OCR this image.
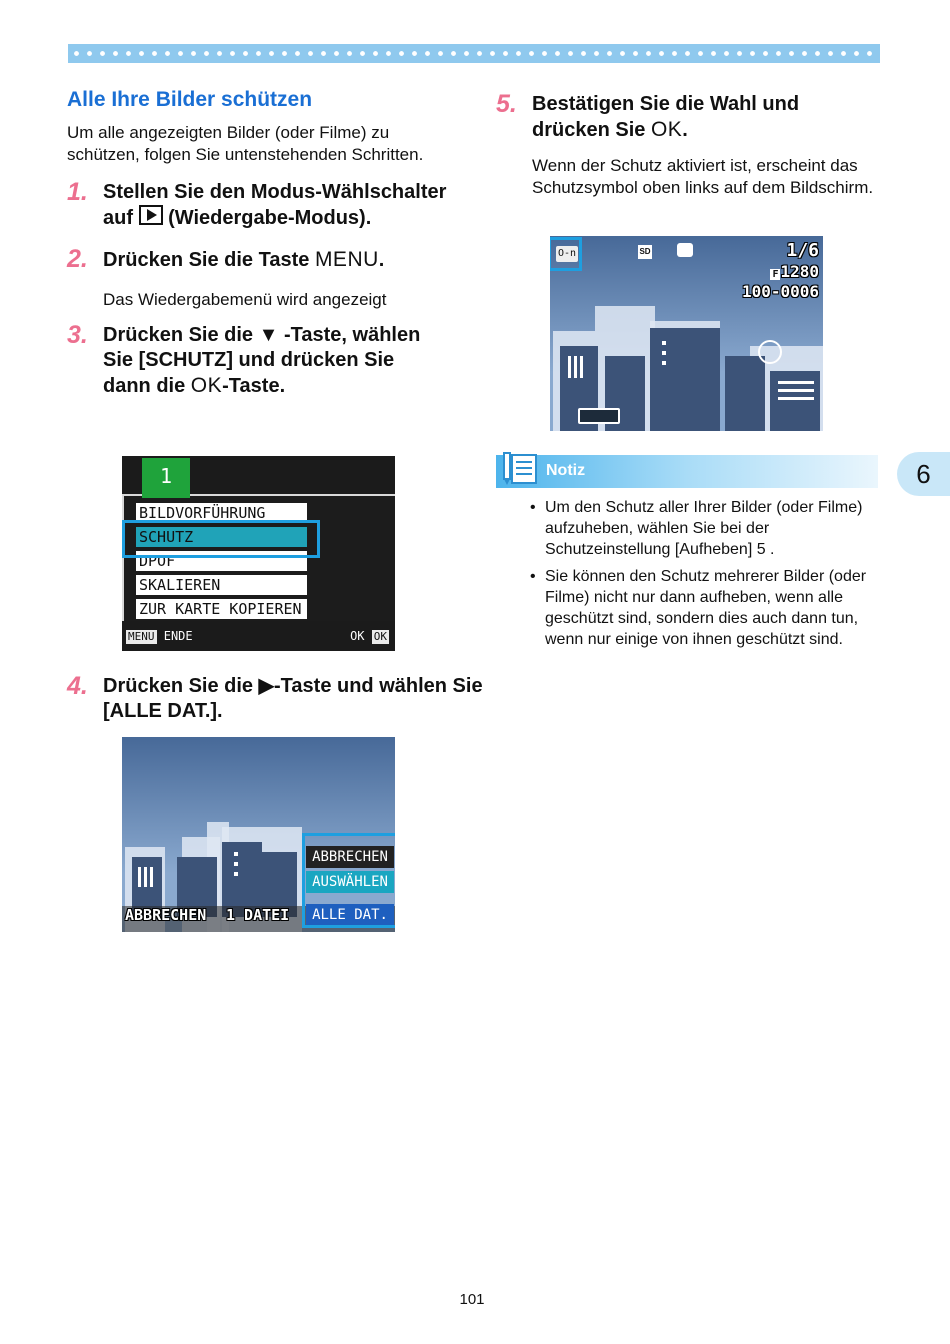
Alle Ihre Bilder schützen

Um alle angezeigten Bilder (oder Filme) zu schützen, folgen Sie untenstehenden Schritten.

1. Stellen Sie den Modus-Wählschalter auf  (Wiedergabe-Modus).
2. Drücken Sie die Taste MENU.
Das Wiedergabemenü wird angezeigt
3. Drücken Sie die ▼ -Taste, wählen Sie [SCHUTZ] und drücken Sie dann die OK-Taste.
BILDVORFÜHRUNG
SCHUTZ
DPOF
SKALIEREN
ZUR KARTE KOPIEREN
1
MENU ENDE	OK OK
4. Drücken Sie die ▶-Taste und wählen Sie [ALLE DAT.].
ABBRECHEN 1 DATEI
ABBRECHEN
AUSWÄHLEN
ALLE DAT.
5. Bestätigen Sie die Wahl und drücken Sie OK.
Wenn der Schutz aktiviert ist, erscheint das Schutzsymbol oben links auf dem Bildschirm.
O-n	SD	1/6
F 1280
100-0006
Notiz
• Um den Schutz aller Ihrer Bilder (oder Filme) aufzuheben, wählen Sie bei der Schutzeinstellung [Aufheben] 5 .
• Sie können den Schutz mehrerer Bilder (oder Filme) nicht nur dann aufheben, wenn alle geschützt sind, sondern dies auch dann tun, wenn nur einige von ihnen geschützt sind.
6
101
